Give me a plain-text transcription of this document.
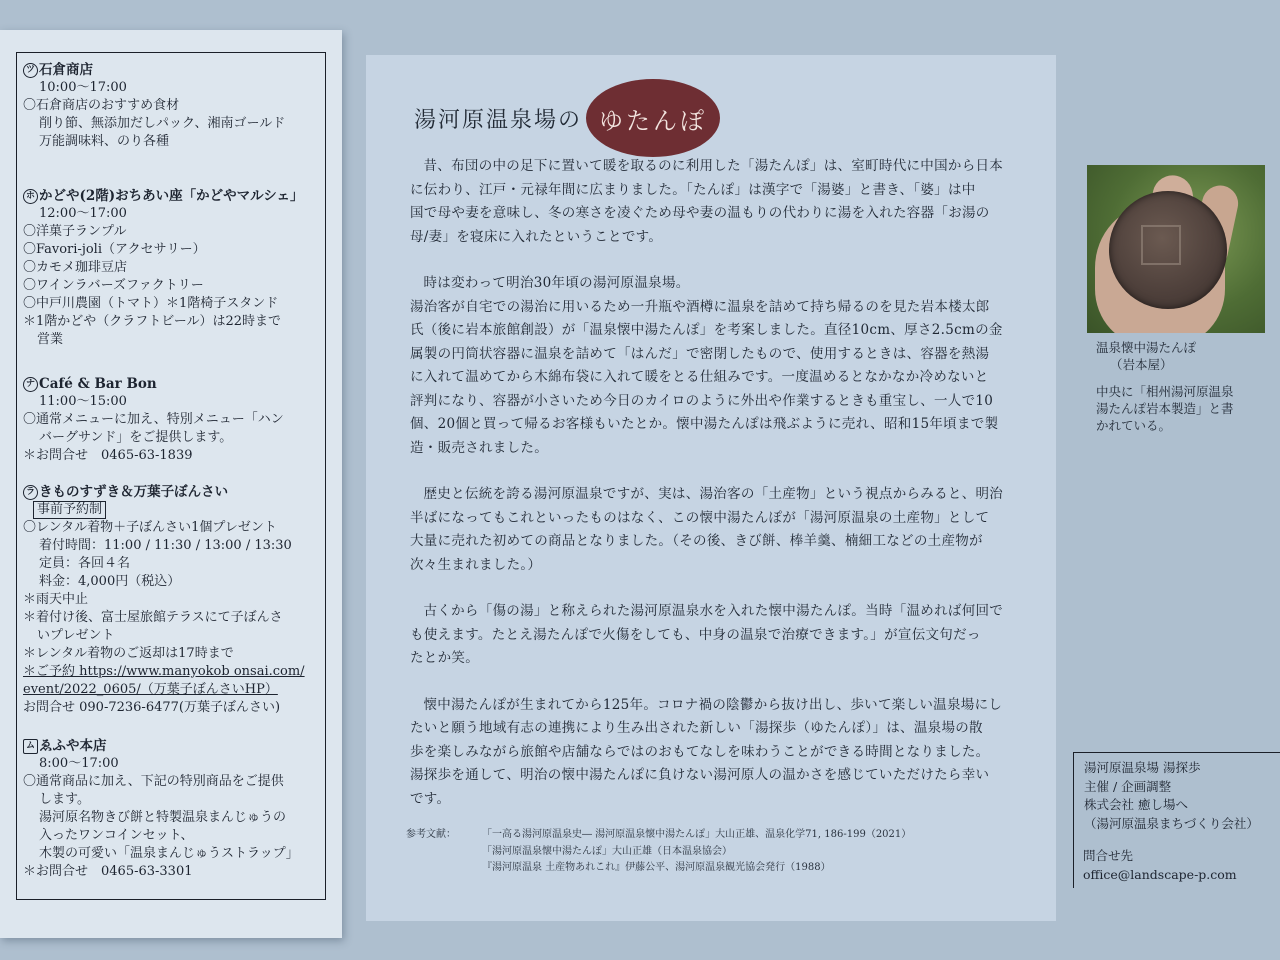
ツ 石倉商店
10:00～17:00
〇石倉商店のおすすめ食材
削り節、無添加だしパック、湘南ゴールド
万能調味料、のり各種
ホ かどや(2階)おちあい座「かどやマルシェ」
12:00～17:00
〇洋菓子ランプル
〇Favori-joli（アクセサリー）
〇カモメ珈琲豆店
〇ワインラバーズファクトリー
〇中戸川農園（トマト）＊1階椅子スタンド
＊1階かどや（クラフトビール）は22時まで
営業
ナ Café & Bar Bon
11:00～15:00
〇通常メニューに加え、特別メニュー「ハン
バーグサンド」をご提供します。
＊お問合せ　0465-63-1839
ラ きものすずき＆万葉子ぼんさい
事前予約制
〇レンタル着物＋子ぼんさい1個プレゼント
着付時間：11:00 / 11:30 / 13:00 / 13:30
定員：各回４名
料金：4,000円（税込）
＊雨天中止
＊着付け後、富士屋旅館テラスにて子ぼんさ
いプレゼント
＊レンタル着物のご返却は17時まで
＊ご予約 https://www.manyokob onsai.com/
event/2022_0605/（万葉子ぼんさいHP）
お問合せ 090-7236-6477(万葉子ぼんさい)
ム ゑふや本店
8:00～17:00
〇通常商品に加え、下記の特別商品をご提供
します。
湯河原名物きび餅と特製温泉まんじゅうの
入ったワンコインセット、
木製の可愛い「温泉まんじゅうストラップ」
＊お問合せ　0465-63-3301
湯河原温泉場の ゆたんぽ

昔、布団の中の足下に置いて暖を取るのに利用した「湯たんぽ」は、室町時代に中国から日本
に伝わり、江戸・元禄年間に広まりました。「たんぽ」は漢字で「湯婆」と書き、「婆」は中
国で母や妻を意味し、冬の寒さを凌ぐため母や妻の温もりの代わりに湯を入れた容器「お湯の
母/妻」を寝床に入れたということです。

時は変わって明治30年頃の湯河原温泉場。
湯治客が自宅での湯治に用いるため一升瓶や酒樽に温泉を詰めて持ち帰るのを見た岩本楼太郎
氏（後に岩本旅館創設）が「温泉懐中湯たんぽ」を考案しました。直径10cm、厚さ2.5cmの金
属製の円筒状容器に温泉を詰めて「はんだ」で密閉したもので、使用するときは、容器を熱湯
に入れて温めてから木綿布袋に入れて暖をとる仕組みです。一度温めるとなかなか冷めないと
評判になり、容器が小さいため今日のカイロのように外出や作業するときも重宝し、一人で10
個、20個と買って帰るお客様もいたとか。懐中湯たんぽは飛ぶように売れ、昭和15年頃まで製
造・販売されました。

歴史と伝統を誇る湯河原温泉ですが、実は、湯治客の「土産物」という視点からみると、明治
半ばになってもこれといったものはなく、この懐中湯たんぽが「湯河原温泉の土産物」として
大量に売れた初めての商品となりました。（その後、きび餅、棒羊羹、楠細工などの土産物が
次々生まれました。）

古くから「傷の湯」と称えられた湯河原温泉水を入れた懐中湯たんぽ。当時「温めれば何回で
も使えます。たとえ湯たんぽで火傷をしても、中身の温泉で治療できます。」が宣伝文句だっ
たとか笑。

懐中湯たんぽが生まれてから125年。コロナ禍の陰鬱から抜け出し、歩いて楽しい温泉場にし
たいと願う地域有志の連携により生み出された新しい「湯探歩（ゆたんぽ）」は、温泉場の散
歩を楽しみながら旅館や店舗ならではのおもてなしを味わうことができる時間となりました。
湯探歩を通して、明治の懐中湯たんぽに負けない湯河原人の温かさを感じていただけたら幸い
です。

参考文献：	「一高る湯河原温泉史― 湯河原温泉懐中湯たんぽ」大山正雄、温泉化学71, 186-199（2021）
「湯河原温泉懐中湯たんぽ」大山正雄（日本温泉協会）
『湯河原温泉 土産物あれこれ』伊藤公平、湯河原温泉観光協会発行（1988）
温泉懐中湯たんぽ
（岩本屋）
中央に「相州湯河原温泉
湯たんぽ岩本製造」と書
かれている。
湯河原温泉場 湯探歩
主催 / 企画調整
株式会社 癒し場へ
（湯河原温泉まちづくり会社）
問合せ先
office@landscape-p.com
